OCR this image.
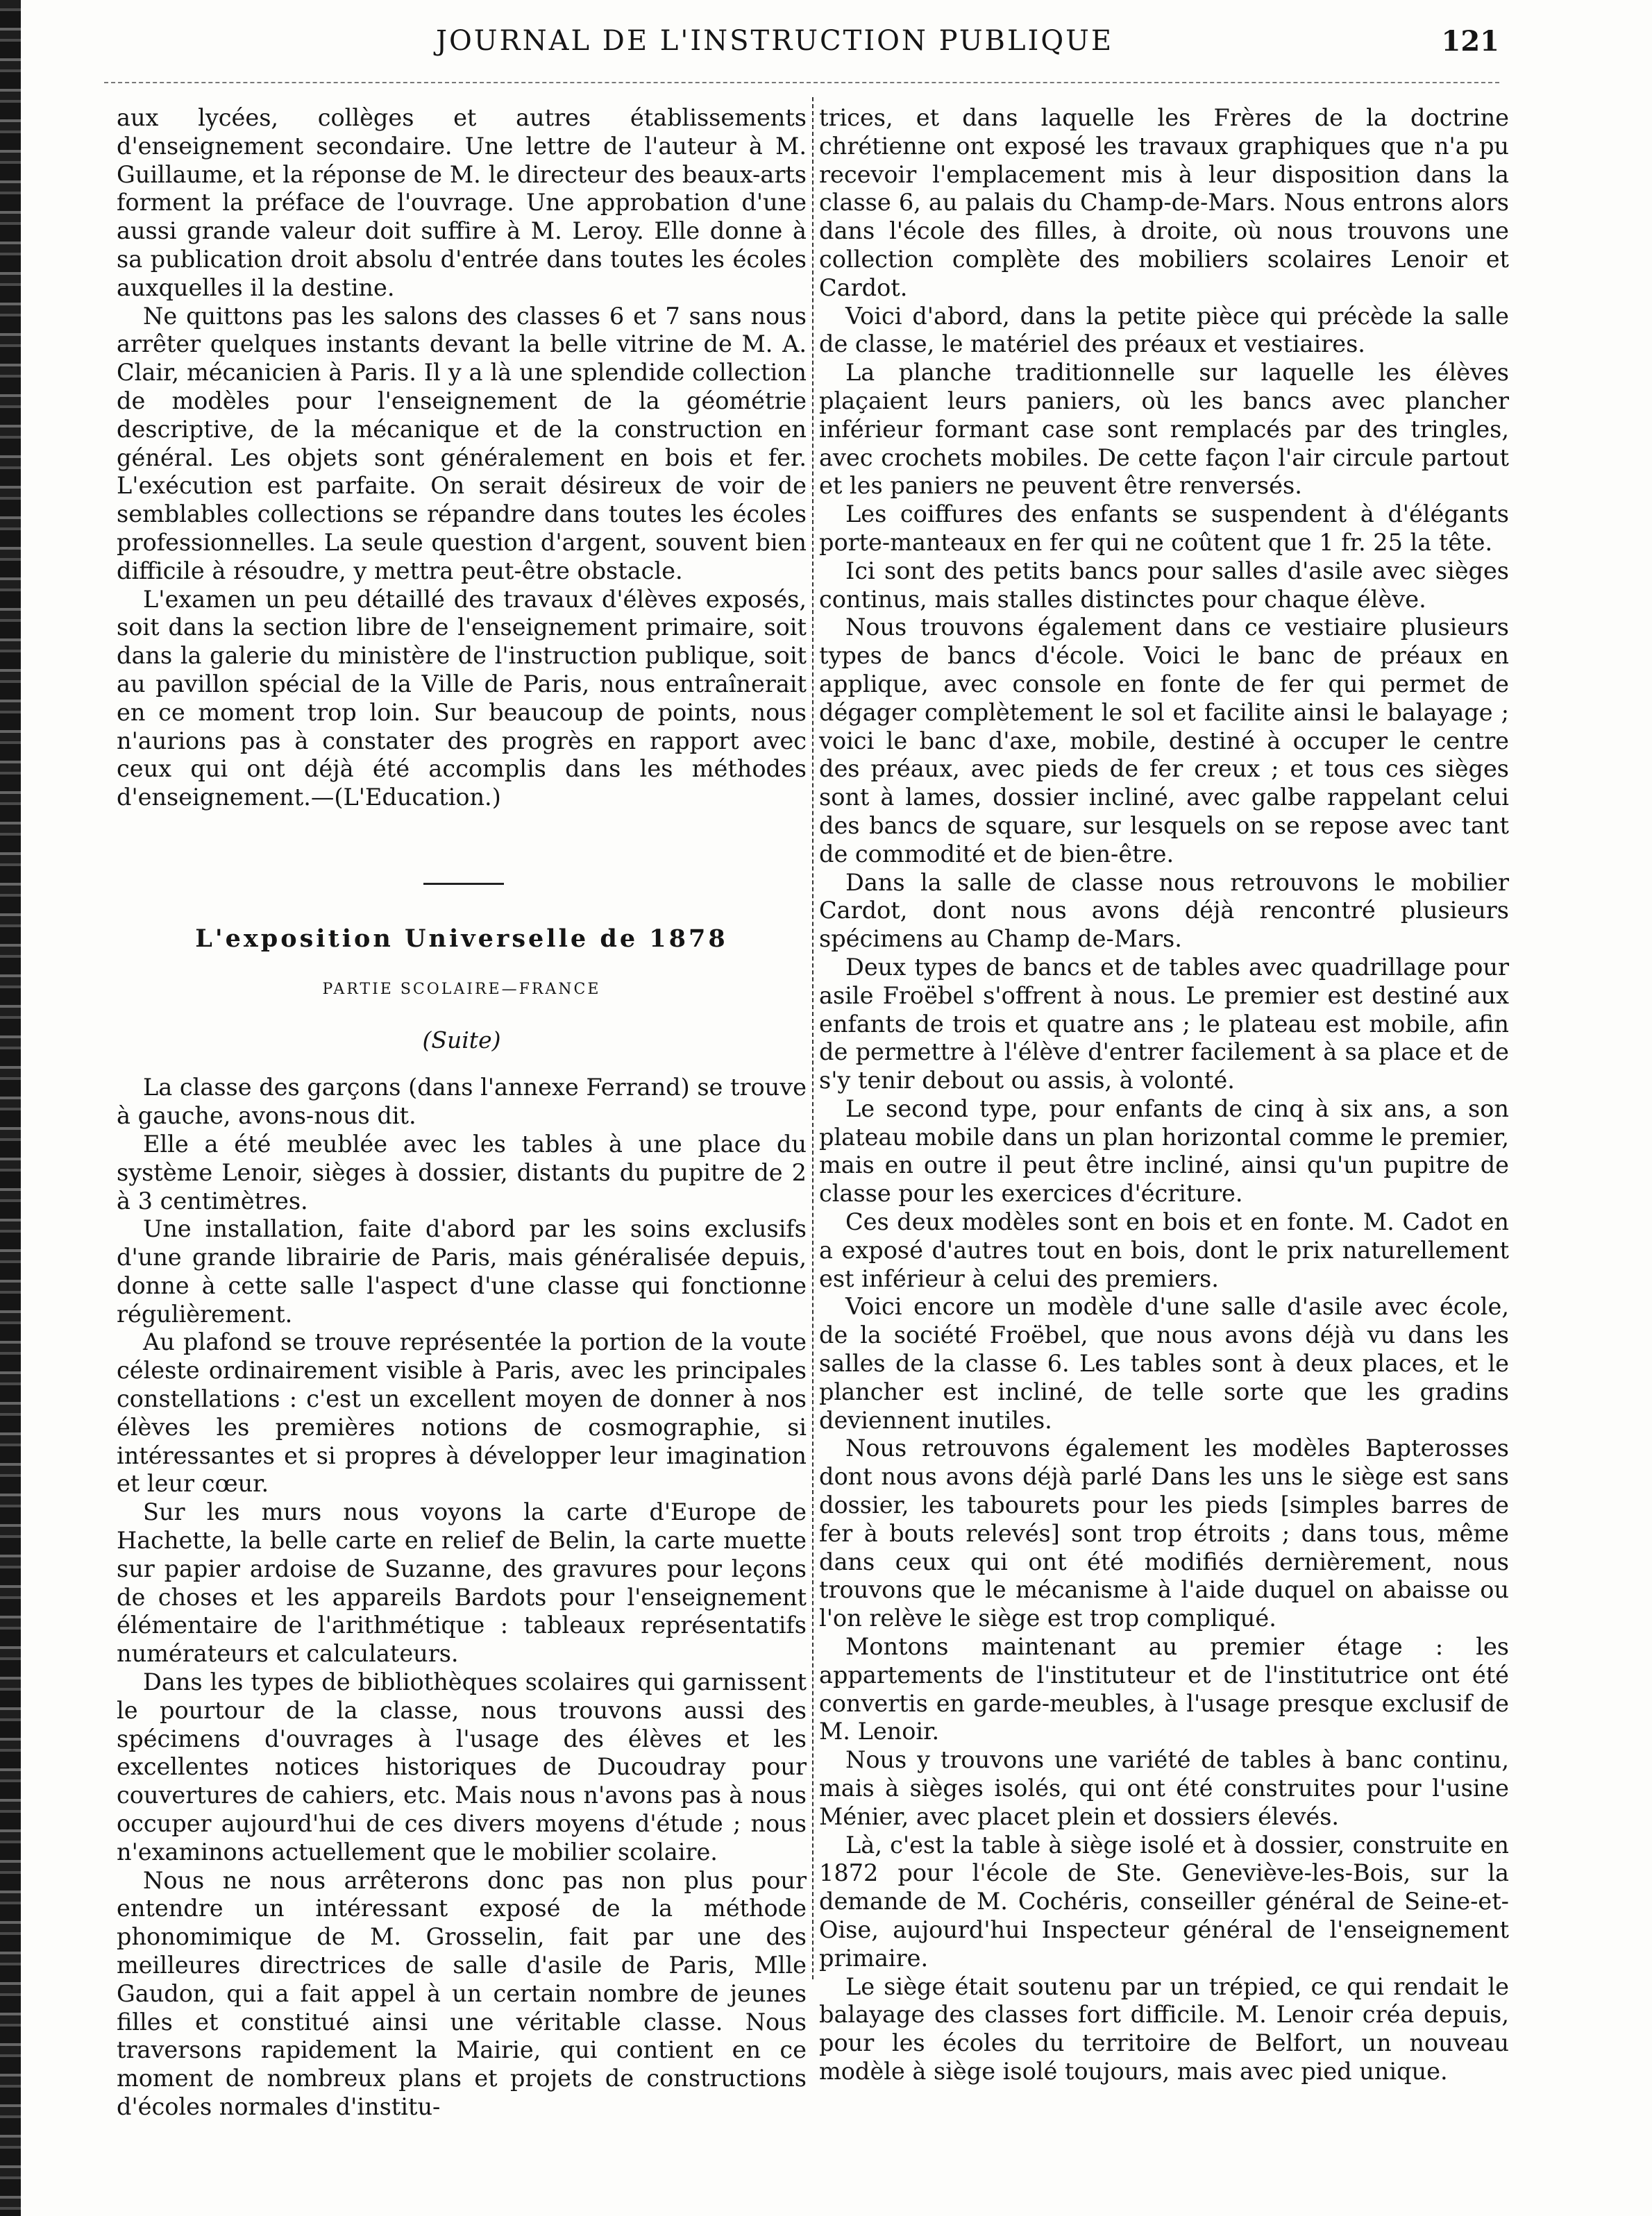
JOURNAL DE L'INSTRUCTION PUBLIQUE	121

aux lycées, collèges et autres établissements d'enseignement secondaire. Une lettre de l'auteur à M. Guillaume, et la réponse de M. le directeur des beaux-arts forment la préface de l'ouvrage. Une approbation d'une aussi grande valeur doit suffire à M. Leroy. Elle donne à sa publication droit absolu d'entrée dans toutes les écoles auxquelles il la destine.

Ne quittons pas les salons des classes 6 et 7 sans nous arrêter quelques instants devant la belle vitrine de M. A. Clair, mécanicien à Paris. Il y a là une splendide collection de modèles pour l'enseignement de la géométrie descriptive, de la mécanique et de la construction en général. Les objets sont généralement en bois et fer. L'exécution est parfaite. On serait désireux de voir de semblables collections se répandre dans toutes les écoles professionnelles. La seule question d'argent, souvent bien difficile à résoudre, y mettra peut-être obstacle.

L'examen un peu détaillé des travaux d'élèves exposés, soit dans la section libre de l'enseignement primaire, soit dans la galerie du ministère de l'instruction publique, soit au pavillon spécial de la Ville de Paris, nous entraînerait en ce moment trop loin. Sur beaucoup de points, nous n'aurions pas à constater des progrès en rapport avec ceux qui ont déjà été accomplis dans les méthodes d'enseignement.—(L'Education.)

L'exposition Universelle de 1878
PARTIE SCOLAIRE—FRANCE
(Suite)

La classe des garçons (dans l'annexe Ferrand) se trouve à gauche, avons-nous dit.

Elle a été meublée avec les tables à une place du système Lenoir, sièges à dossier, distants du pupitre de 2 à 3 centimètres.

Une installation, faite d'abord par les soins exclusifs d'une grande librairie de Paris, mais généralisée depuis, donne à cette salle l'aspect d'une classe qui fonctionne régulièrement.

Au plafond se trouve représentée la portion de la voute céleste ordinairement visible à Paris, avec les principales constellations : c'est un excellent moyen de donner à nos élèves les premières notions de cosmographie, si intéressantes et si propres à développer leur imagination et leur cœur.

Sur les murs nous voyons la carte d'Europe de Hachette, la belle carte en relief de Belin, la carte muette sur papier ardoise de Suzanne, des gravures pour leçons de choses et les appareils Bardots pour l'enseignement élémentaire de l'arithmétique : tableaux représentatifs numérateurs et calculateurs.

Dans les types de bibliothèques scolaires qui garnissent le pourtour de la classe, nous trouvons aussi des spécimens d'ouvrages à l'usage des élèves et les excellentes notices historiques de Ducoudray pour couvertures de cahiers, etc. Mais nous n'avons pas à nous occuper aujourd'hui de ces divers moyens d'étude ; nous n'examinons actuellement que le mobilier scolaire.

Nous ne nous arrêterons donc pas non plus pour entendre un intéressant exposé de la méthode phonomimique de M. Grosselin, fait par une des meilleures directrices de salle d'asile de Paris, Mlle Gaudon, qui a fait appel à un certain nombre de jeunes filles et constitué ainsi une véritable classe. Nous traversons rapidement la Mairie, qui contient en ce moment de nombreux plans et projets de constructions d'écoles normales d'institu-

trices, et dans laquelle les Frères de la doctrine chrétienne ont exposé les travaux graphiques que n'a pu recevoir l'emplacement mis à leur disposition dans la classe 6, au palais du Champ-de-Mars. Nous entrons alors dans l'école des filles, à droite, où nous trouvons une collection complète des mobiliers scolaires Lenoir et Cardot.

Voici d'abord, dans la petite pièce qui précède la salle de classe, le matériel des préaux et vestiaires.

La planche traditionnelle sur laquelle les élèves plaçaient leurs paniers, où les bancs avec plancher inférieur formant case sont remplacés par des tringles, avec crochets mobiles. De cette façon l'air circule partout et les paniers ne peuvent être renversés.

Les coiffures des enfants se suspendent à d'élégants porte-manteaux en fer qui ne coûtent que 1 fr. 25 la tête.

Ici sont des petits bancs pour salles d'asile avec sièges continus, mais stalles distinctes pour chaque élève.

Nous trouvons également dans ce vestiaire plusieurs types de bancs d'école. Voici le banc de préaux en applique, avec console en fonte de fer qui permet de dégager complètement le sol et facilite ainsi le balayage ; voici le banc d'axe, mobile, destiné à occuper le centre des préaux, avec pieds de fer creux ; et tous ces sièges sont à lames, dossier incliné, avec galbe rappelant celui des bancs de square, sur lesquels on se repose avec tant de commodité et de bien-être.

Dans la salle de classe nous retrouvons le mobilier Cardot, dont nous avons déjà rencontré plusieurs spécimens au Champ de-Mars.

Deux types de bancs et de tables avec quadrillage pour asile Froëbel s'offrent à nous. Le premier est destiné aux enfants de trois et quatre ans ; le plateau est mobile, afin de permettre à l'élève d'entrer facilement à sa place et de s'y tenir debout ou assis, à volonté.

Le second type, pour enfants de cinq à six ans, a son plateau mobile dans un plan horizontal comme le premier, mais en outre il peut être incliné, ainsi qu'un pupitre de classe pour les exercices d'écriture.

Ces deux modèles sont en bois et en fonte. M. Cadot en a exposé d'autres tout en bois, dont le prix naturellement est inférieur à celui des premiers.

Voici encore un modèle d'une salle d'asile avec école, de la société Froëbel, que nous avons déjà vu dans les salles de la classe 6. Les tables sont à deux places, et le plancher est incliné, de telle sorte que les gradins deviennent inutiles.

Nous retrouvons également les modèles Bapterosses dont nous avons déjà parlé Dans les uns le siège est sans dossier, les tabourets pour les pieds [simples barres de fer à bouts relevés] sont trop étroits ; dans tous, même dans ceux qui ont été modifiés dernièrement, nous trouvons que le mécanisme à l'aide duquel on abaisse ou l'on relève le siège est trop compliqué.

Montons maintenant au premier étage : les appartements de l'instituteur et de l'institutrice ont été convertis en garde-meubles, à l'usage presque exclusif de M. Lenoir.

Nous y trouvons une variété de tables à banc continu, mais à sièges isolés, qui ont été construites pour l'usine Ménier, avec placet plein et dossiers élevés.

Là, c'est la table à siège isolé et à dossier, construite en 1872 pour l'école de Ste. Geneviève-les-Bois, sur la demande de M. Cochéris, conseiller général de Seine-et-Oise, aujourd'hui Inspecteur général de l'enseignement primaire.

Le siège était soutenu par un trépied, ce qui rendait le balayage des classes fort difficile. M. Lenoir créa depuis, pour les écoles du territoire de Belfort, un nouveau modèle à siège isolé toujours, mais avec pied unique.
